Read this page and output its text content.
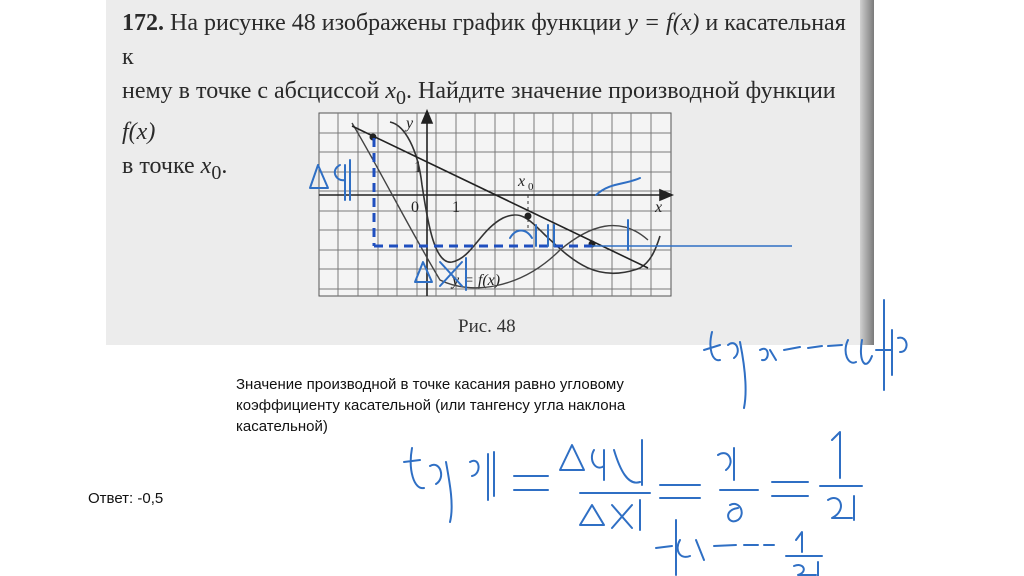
172. На рисунке 48 изображены график функции y = f(x) и касательная к
нему в точке с абсциссой $x_0$. Найдите значение производной функции f(x)
в точке $x_0$.
Рис. 48
y
x
0 1
1
x 0
y = f(x)
Значение производной в точке касания равно угловому коэффициенту касательной (или тангенсу угла наклона касательной)
Ответ: -0,5
